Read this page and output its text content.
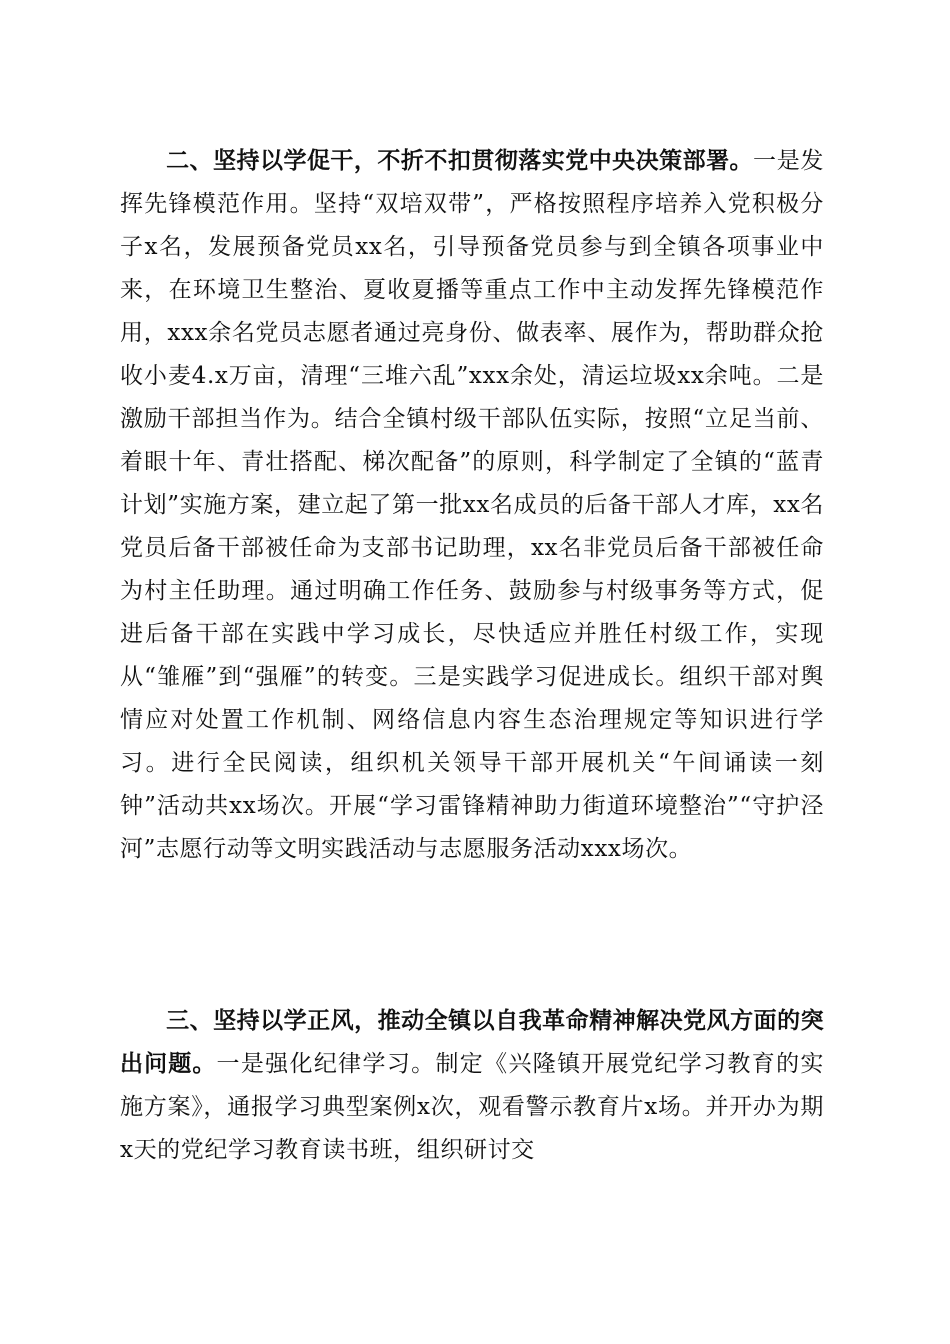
二、坚持以学促干，不折不扣贯彻落实党中央决策部署。一是发挥先锋模范作用。坚持“双培双带”，严格按照程序培养入党积极分子x名，发展预备党员xx名，引导预备党员参与到全镇各项事业中来，在环境卫生整治、夏收夏播等重点工作中主动发挥先锋模范作用，xxx余名党员志愿者通过亮身份、做表率、展作为，帮助群众抢收小麦4.x万亩，清理“三堆六乱”xxx余处，清运垃圾xx余吨。二是激励干部担当作为。结合全镇村级干部队伍实际，按照“立足当前、着眼十年、青壮搭配、梯次配备”的原则，科学制定了全镇的“蓝青计划”实施方案，建立起了第一批xx名成员的后备干部人才库，xx名党员后备干部被任命为支部书记助理，xx名非党员后备干部被任命为村主任助理。通过明确工作任务、鼓励参与村级事务等方式，促进后备干部在实践中学习成长，尽快适应并胜任村级工作，实现从“雏雁”到“强雁”的转变。三是实践学习促进成长。组织干部对舆情应对处置工作机制、网络信息内容生态治理规定等知识进行学习。进行全民阅读，组织机关领导干部开展机关“午间诵读一刻钟”活动共xx场次。开展“学习雷锋精神助力街道环境整治”“守护泾河”志愿行动等文明实践活动与志愿服务活动xxx场次。
三、坚持以学正风，推动全镇以自我革命精神解决党风方面的突出问题。一是强化纪律学习。制定《兴隆镇开展党纪学习教育的实施方案》，通报学习典型案例x次，观看警示教育片x场。并开办为期x天的党纪学习教育读书班，组织研讨交
